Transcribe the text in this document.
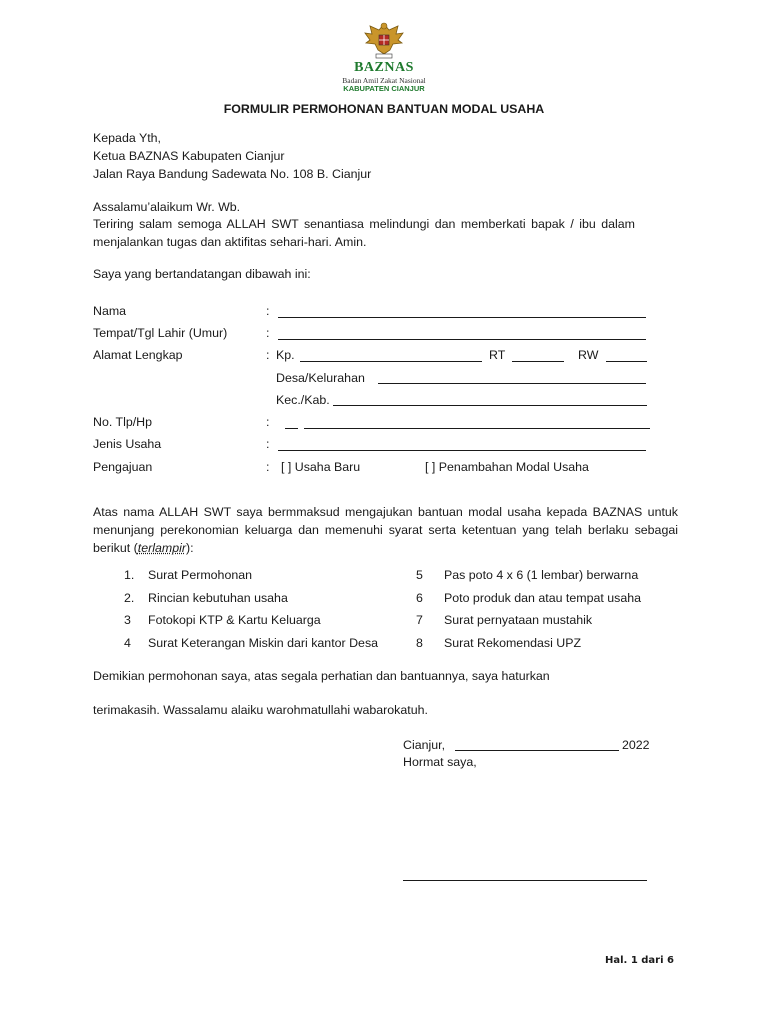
BAZNAS
Badan Amil Zakat Nasional
KABUPATEN CIANJUR
FORMULIR PERMOHONAN BANTUAN MODAL USAHA
Kepada Yth,
Ketua BAZNAS Kabupaten Cianjur
Jalan Raya Bandung Sadewata No. 108 B. Cianjur
Assalamu’alaikum Wr. Wb.
Teriring salam semoga ALLAH SWT senantiasa melindungi dan memberkati bapak / ibu dalam menjalankan tugas dan aktifitas sehari-hari. Amin.
Saya yang bertandatangan dibawah ini:
Nama	:
Tempat/Tgl Lahir (Umur)	:
Alamat Lengkap	: Kp.	RT	RW
Desa/Kelurahan
Kec./Kab.
No. Tlp/Hp	:
Jenis Usaha	:
Pengajuan	: [ ] Usaha Baru	[ ] Penambahan Modal Usaha
Atas nama ALLAH SWT saya bermmaksud mengajukan bantuan modal usaha kepada BAZNAS untuk menunjang perekonomian keluarga dan memenuhi syarat serta ketentuan yang telah berlaku sebagai berikut (terlampir):
1. Surat Permohonan
2. Rincian kebutuhan usaha
3 Fotokopi KTP & Kartu Keluarga
4 Surat Keterangan Miskin dari kantor Desa
5 Pas poto 4 x 6 (1 lembar) berwarna
6 Poto produk dan atau tempat usaha
7 Surat pernyataan mustahik
8 Surat Rekomendasi UPZ
Demikian permohonan saya, atas segala perhatian dan bantuannya, saya haturkan
terimakasih. Wassalamu alaiku warohmatullahi wabarokatuh.
Cianjur,	2022
Hormat saya,
Hal. 1 dari 6
